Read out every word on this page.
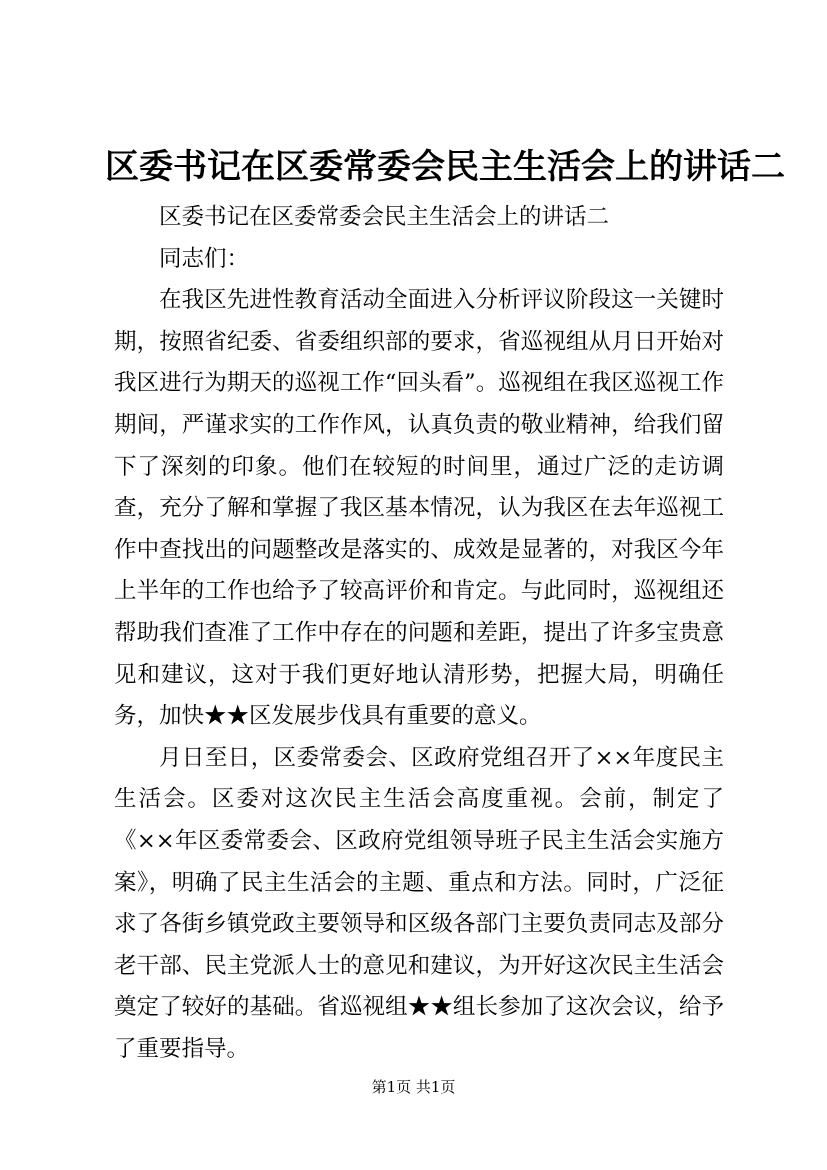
区委书记在区委常委会民主生活会上的讲话二

区委书记在区委常委会民主生活会上的讲话二

同志们：

在我区先进性教育活动全面进入分析评议阶段这一关键时期，按照省纪委、省委组织部的要求，省巡视组从月日开始对我区进行为期天的巡视工作“回头看”。巡视组在我区巡视工作期间，严谨求实的工作作风，认真负责的敬业精神，给我们留下了深刻的印象。他们在较短的时间里，通过广泛的走访调查，充分了解和掌握了我区基本情况，认为我区在去年巡视工作中查找出的问题整改是落实的、成效是显著的，对我区今年上半年的工作也给予了较高评价和肯定。与此同时，巡视组还帮助我们查准了工作中存在的问题和差距，提出了许多宝贵意见和建议，这对于我们更好地认清形势，把握大局，明确任务，加快★★区发展步伐具有重要的意义。

月日至日，区委常委会、区政府党组召开了××年度民主生活会。区委对这次民主生活会高度重视。会前，制定了《××年区委常委会、区政府党组领导班子民主生活会实施方案》，明确了民主生活会的主题、重点和方法。同时，广泛征求了各街乡镇党政主要领导和区级各部门主要负责同志及部分老干部、民主党派人士的意见和建议，为开好这次民主生活会奠定了较好的基础。省巡视组★★组长参加了这次会议，给予了重要指导。

第1页 共1页
